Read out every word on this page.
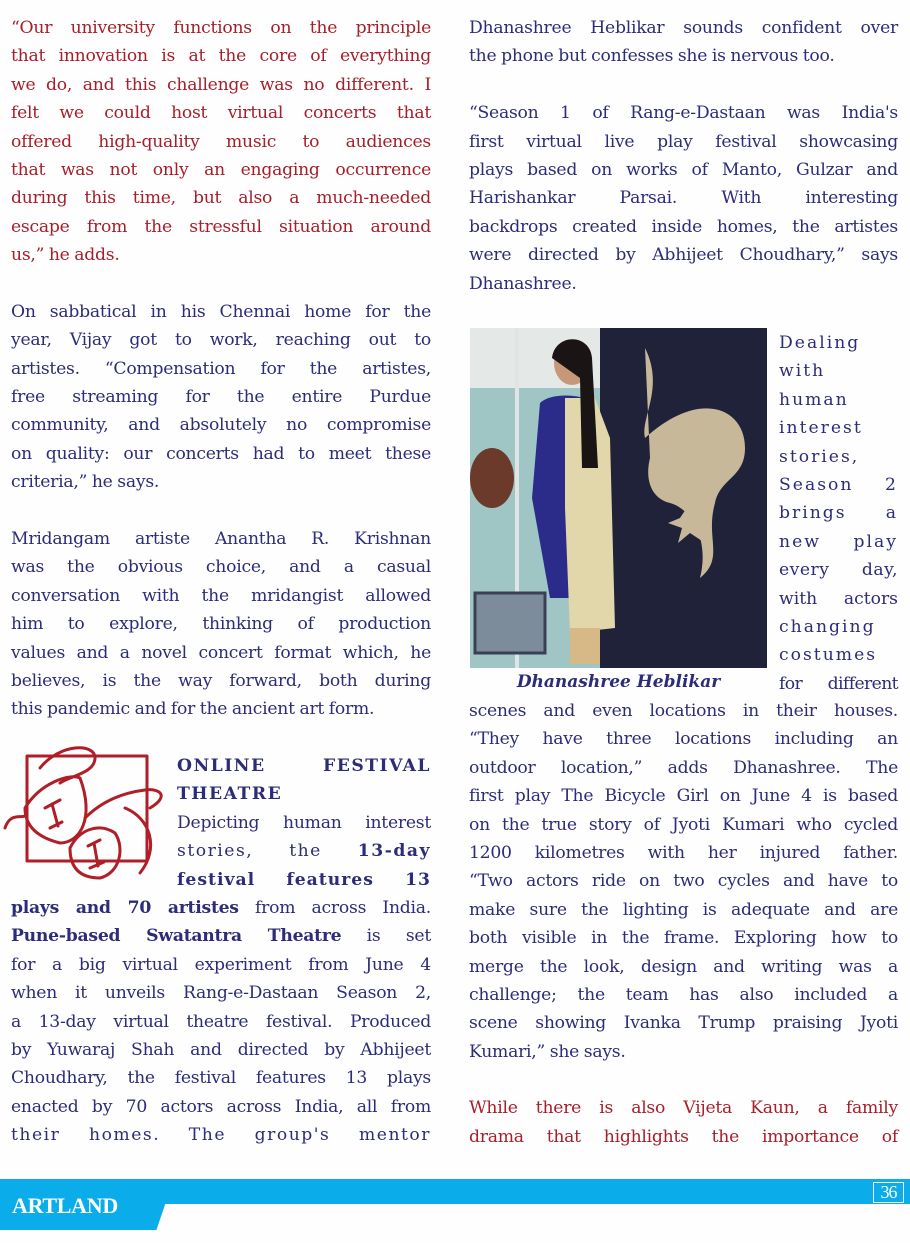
“Our university functions on the principle
that innovation is at the core of everything
we do, and this challenge was no different. I
felt we could host virtual concerts that
offered high-quality music to audiences
that was not only an engaging occurrence
during this time, but also a much-needed
escape from the stressful situation around
us,” he adds.
On sabbatical in his Chennai home for the
year, Vijay got to work, reaching out to
artistes. “Compensation for the artistes,
free streaming for the entire Purdue
community, and absolutely no compromise
on quality: our concerts had to meet these
criteria,” he says.
Mridangam artiste Anantha R. Krishnan
was the obvious choice, and a casual
conversation with the mridangist allowed
him to explore, thinking of production
values and a novel concert format which, he
believes, is the way forward, both during
this pandemic and for the ancient art form.
ONLINE FESTIVAL
THEATRE
Depicting human interest
stories, the 13-day
festival features 13
plays and 70 artistes from across India.
Pune-based Swatantra Theatre is set
for a big virtual experiment from June 4
when it unveils Rang-e-Dastaan Season 2,
a 13-day virtual theatre festival. Produced
by Yuwaraj Shah and directed by Abhijeet
Choudhary, the festival features 13 plays
enacted by 70 actors across India, all from
their homes. The group's mentor
Dhanashree Heblikar sounds confident over
the phone but confesses she is nervous too.
“Season 1 of Rang-e-Dastaan was India's
first virtual live play festival showcasing
plays based on works of Manto, Gulzar and
Harishankar Parsai. With interesting
backdrops created inside homes, the artistes
were directed by Abhijeet Choudhary,” says
Dhanashree.
Dhanashree Heblikar
Dealing
with
human
interest
stories,
Season 2
brings a
new play
every day,
with actors
changing
costumes
for different
scenes and even locations in their houses.
“They have three locations including an
outdoor location,” adds Dhanashree. The
first play The Bicycle Girl on June 4 is based
on the true story of Jyoti Kumari who cycled
1200 kilometres with her injured father.
“Two actors ride on two cycles and have to
make sure the lighting is adequate and are
both visible in the frame. Exploring how to
merge the look, design and writing was a
challenge; the team has also included a
scene showing Ivanka Trump praising Jyoti
Kumari,” she says.
While there is also Vijeta Kaun, a family
drama that highlights the importance of
ARTLAND
36
